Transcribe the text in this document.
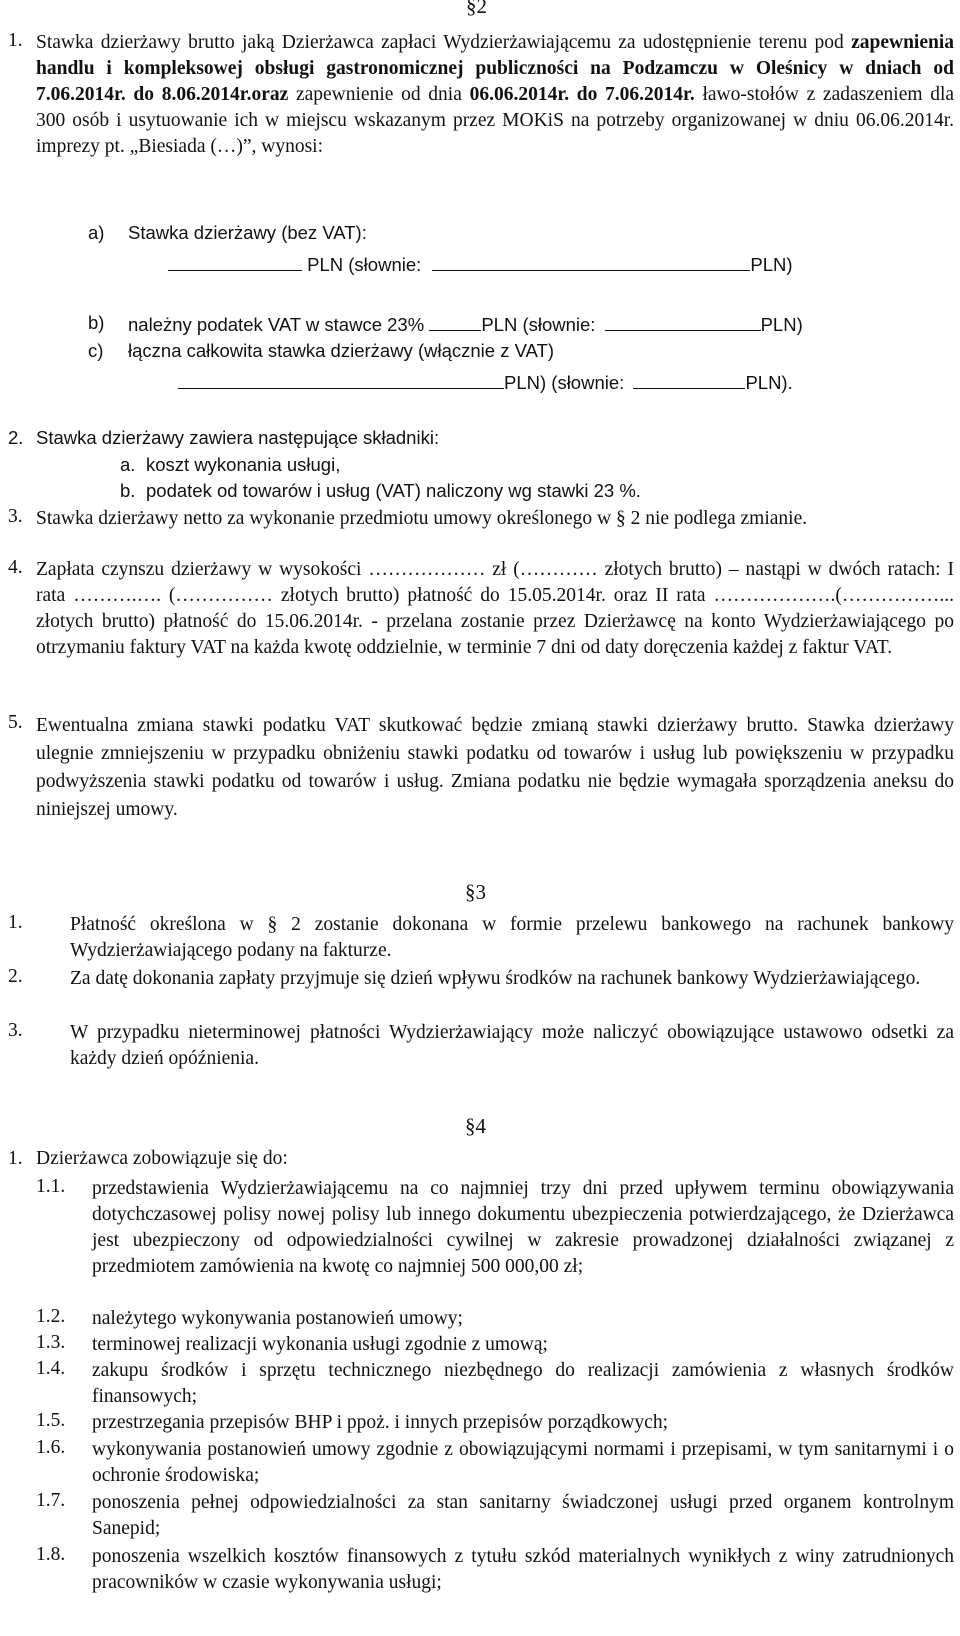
§2
1. Stawka dzierżawy brutto jaką Dzierżawca zapłaci Wydzierżawiającemu za udostępnienie terenu pod zapewnienia handlu i kompleksowej obsługi gastronomicznej publiczności na Podzamczu w Oleśnicy w dniach od 7.06.2014r. do 8.06.2014r.oraz zapewnienie od dnia 06.06.2014r. do 7.06.2014r. ławo-stołów z zadaszeniem dla 300 osób i usytuowanie ich w miejscu wskazanym przez MOKiS na potrzeby organizowanej w dniu 06.06.2014r. imprezy pt. „Biesiada (…)”, wynosi:
a) Stawka dzierżawy (bez VAT):
PLN (słownie:	PLN)
b) należny podatek VAT w stawce 23%	PLN (słownie:	PLN)
c) łączna całkowita stawka dzierżawy (włącznie z VAT)
PLN) (słownie:	PLN).
2. Stawka dzierżawy zawiera następujące składniki:
a. koszt wykonania usługi,
b. podatek od towarów i usług (VAT) naliczony wg stawki 23 %.
3. Stawka dzierżawy netto za wykonanie przedmiotu umowy określonego w § 2 nie podlega zmianie.
4. Zapłata czynszu dzierżawy w wysokości ……………… zł (………… złotych brutto) – nastąpi w dwóch ratach: I rata ……….…. (…………… złotych brutto) płatność do 15.05.2014r. oraz II rata ……………….(……………... złotych brutto) płatność do 15.06.2014r. - przelana zostanie przez Dzierżawcę na konto Wydzierżawiającego po otrzymaniu faktury VAT na każda kwotę oddzielnie, w terminie 7 dni od daty doręczenia każdej z faktur VAT.
5. Ewentualna zmiana stawki podatku VAT skutkować będzie zmianą stawki dzierżawy brutto. Stawka dzierżawy ulegnie zmniejszeniu w przypadku obniżeniu stawki podatku od towarów i usług lub powiększeniu w przypadku podwyższenia stawki podatku od towarów i usług. Zmiana podatku nie będzie wymagała sporządzenia aneksu do niniejszej umowy.
§3
1. Płatność określona w § 2 zostanie dokonana w formie przelewu bankowego na rachunek bankowy Wydzierżawiającego podany na fakturze.
2. Za datę dokonania zapłaty przyjmuje się dzień wpływu środków na rachunek bankowy Wydzierżawiającego.
3. W przypadku nieterminowej płatności Wydzierżawiający może naliczyć obowiązujące ustawowo odsetki za każdy dzień opóźnienia.
§4
1. Dzierżawca zobowiązuje się do:
1.1. przedstawienia Wydzierżawiającemu na co najmniej trzy dni przed upływem terminu obowiązywania dotychczasowej polisy nowej polisy lub innego dokumentu ubezpieczenia potwierdzającego, że Dzierżawca jest ubezpieczony od odpowiedzialności cywilnej w zakresie prowadzonej działalności związanej z przedmiotem zamówienia na kwotę co najmniej 500 000,00 zł;
1.2. należytego wykonywania postanowień umowy;
1.3. terminowej realizacji wykonania usługi zgodnie z umową;
1.4. zakupu środków i sprzętu technicznego niezbędnego do realizacji zamówienia z własnych środków finansowych;
1.5. przestrzegania przepisów BHP i ppoż. i innych przepisów porządkowych;
1.6. wykonywania postanowień umowy zgodnie z obowiązującymi normami i przepisami, w tym sanitarnymi i o ochronie środowiska;
1.7. ponoszenia pełnej odpowiedzialności za stan sanitarny świadczonej usługi przed organem kontrolnym Sanepid;
1.8. ponoszenia wszelkich kosztów finansowych z tytułu szkód materialnych wynikłych z winy zatrudnionych pracowników w czasie wykonywania usługi;
